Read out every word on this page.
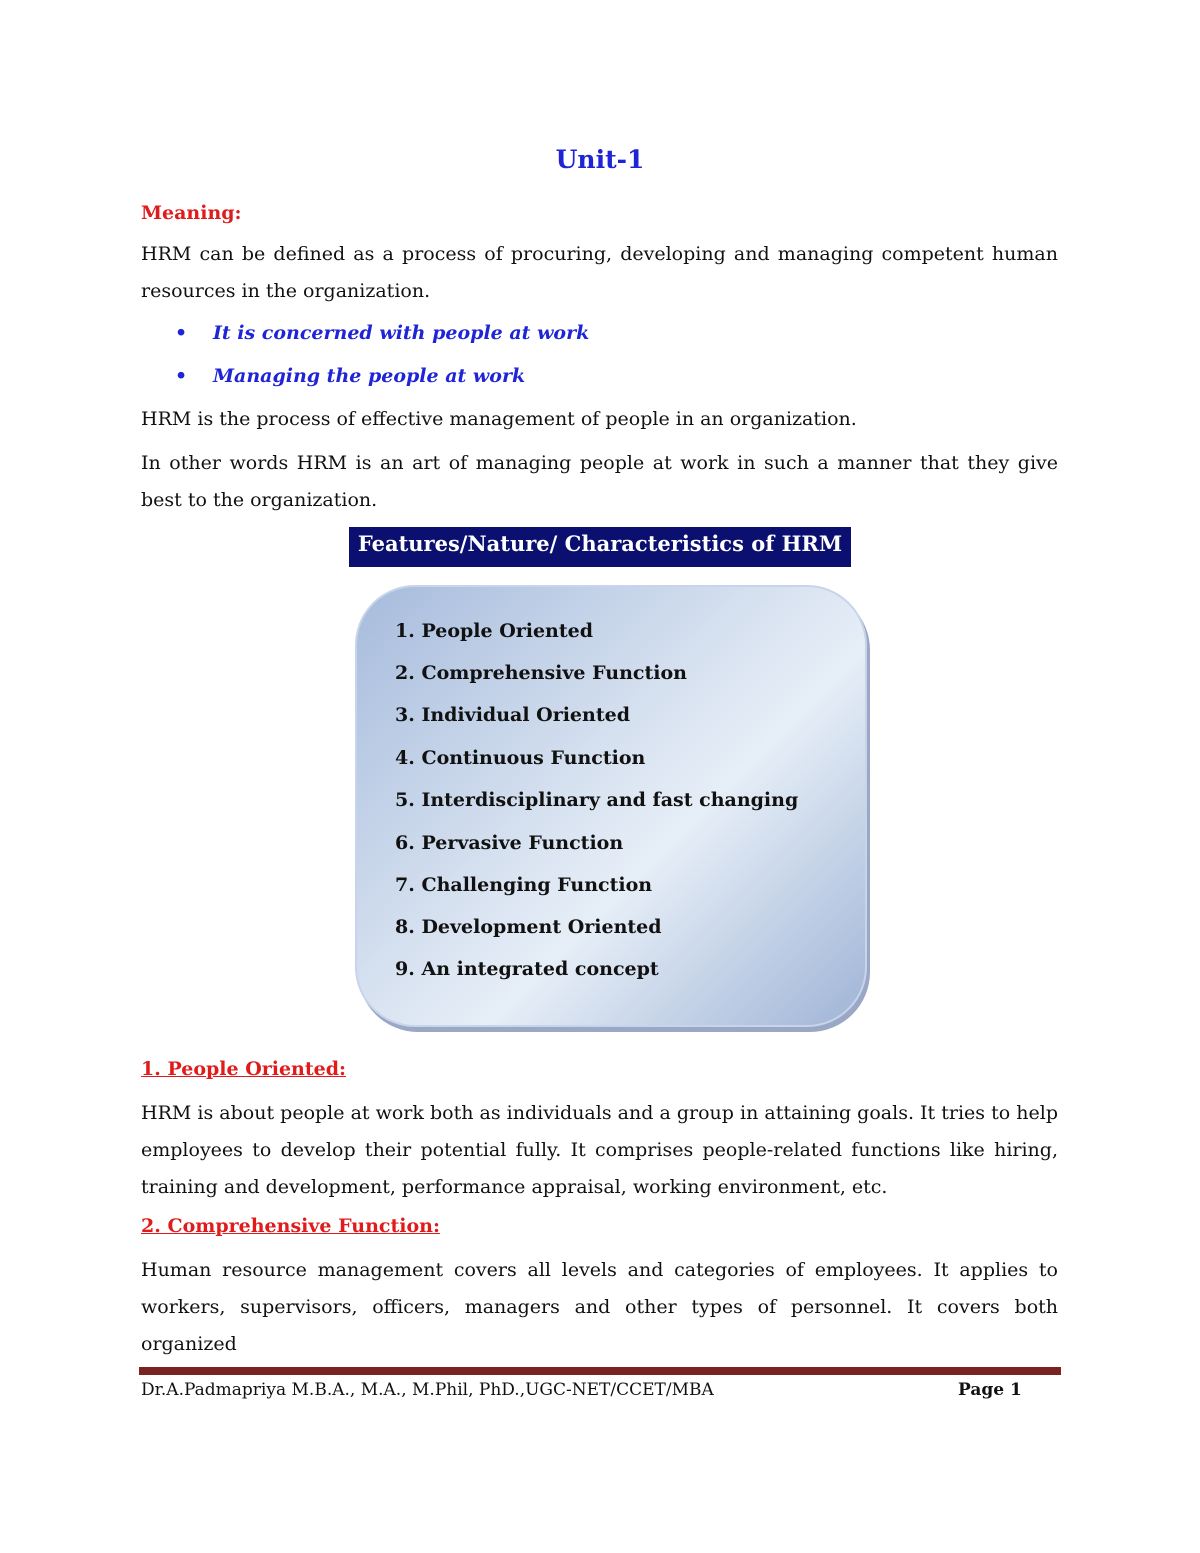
Unit-1
Meaning:
HRM can be defined as a process of procuring, developing and managing competent human resources in the organization.
• It is concerned with people at work
• Managing the people at work
HRM is the process of effective management of people in an organization.
In other words HRM is an art of managing people at work in such a manner that they give best to the organization.
Features/Nature/ Characteristics of HRM
1. People Oriented
2. Comprehensive Function
3. Individual Oriented
4. Continuous Function
5. Interdisciplinary and fast changing
6. Pervasive Function
7. Challenging Function
8. Development Oriented
9. An integrated concept
1. People Oriented:
HRM is about people at work both as individuals and a group in attaining goals. It tries to help employees to develop their potential fully. It comprises people-related functions like hiring, training and development, performance appraisal, working environment, etc.
2. Comprehensive Function:
Human resource management covers all levels and categories of employees. It applies to workers, supervisors, officers, managers and other types of personnel. It covers both organized
Dr.A.Padmapriya M.B.A., M.A., M.Phil, PhD.,UGC-NET/CCET/MBA	Page 1
